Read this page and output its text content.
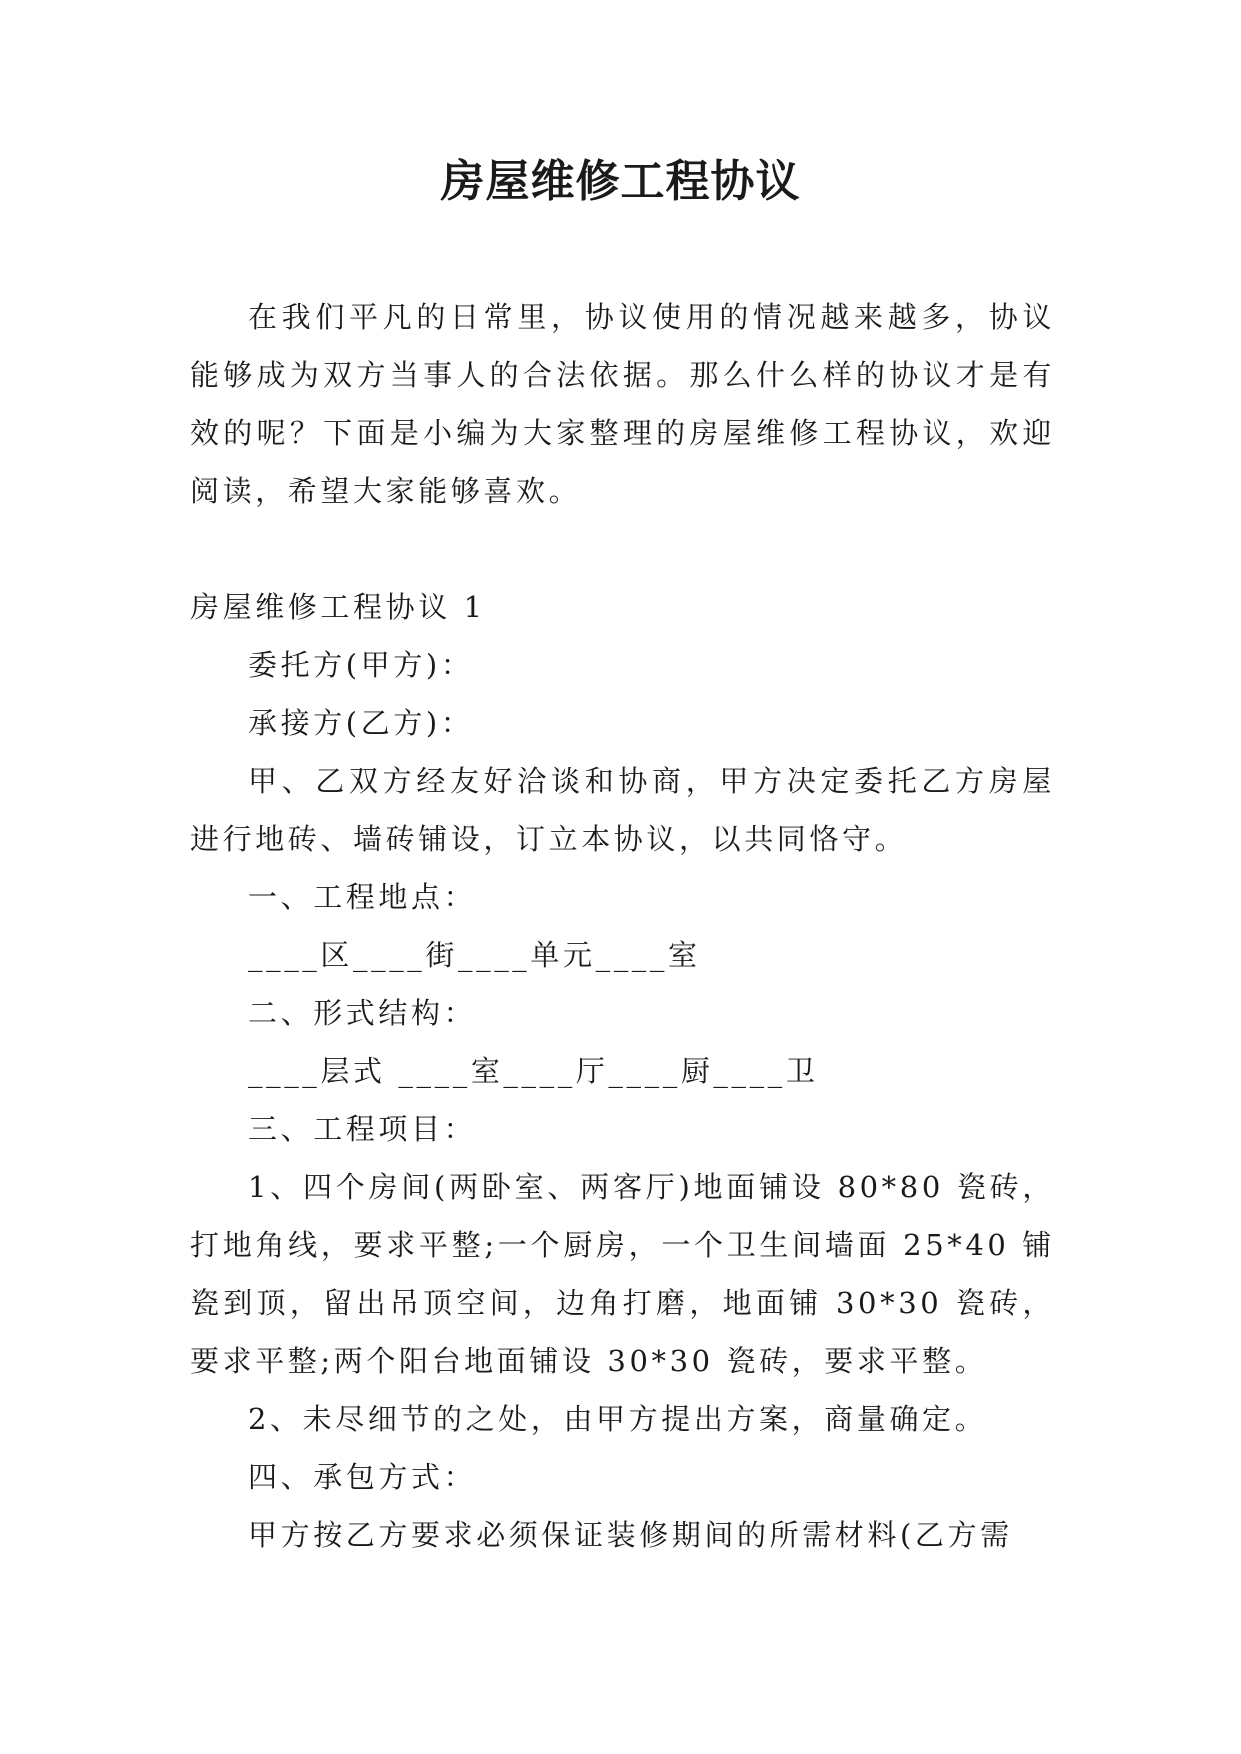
房屋维修工程协议

在我们平凡的日常里，协议使用的情况越来越多，协议能够成为双方当事人的合法依据。那么什么样的协议才是有效的呢？下面是小编为大家整理的房屋维修工程协议，欢迎阅读，希望大家能够喜欢。

房屋维修工程协议 1

委托方(甲方)：

承接方(乙方)：

甲、乙双方经友好洽谈和协商，甲方决定委托乙方房屋进行地砖、墙砖铺设，订立本协议，以共同恪守。

一、工程地点：

____区____街____单元____室

二、形式结构：

____层式 ____室____厅____厨____卫

三、工程项目：

1、四个房间(两卧室、两客厅)地面铺设 80*80 瓷砖，打地角线，要求平整;一个厨房，一个卫生间墙面 25*40 铺瓷到顶，留出吊顶空间，边角打磨，地面铺 30*30 瓷砖，要求平整;两个阳台地面铺设 30*30 瓷砖，要求平整。

2、未尽细节的之处，由甲方提出方案，商量确定。

四、承包方式：

甲方按乙方要求必须保证装修期间的所需材料(乙方需
